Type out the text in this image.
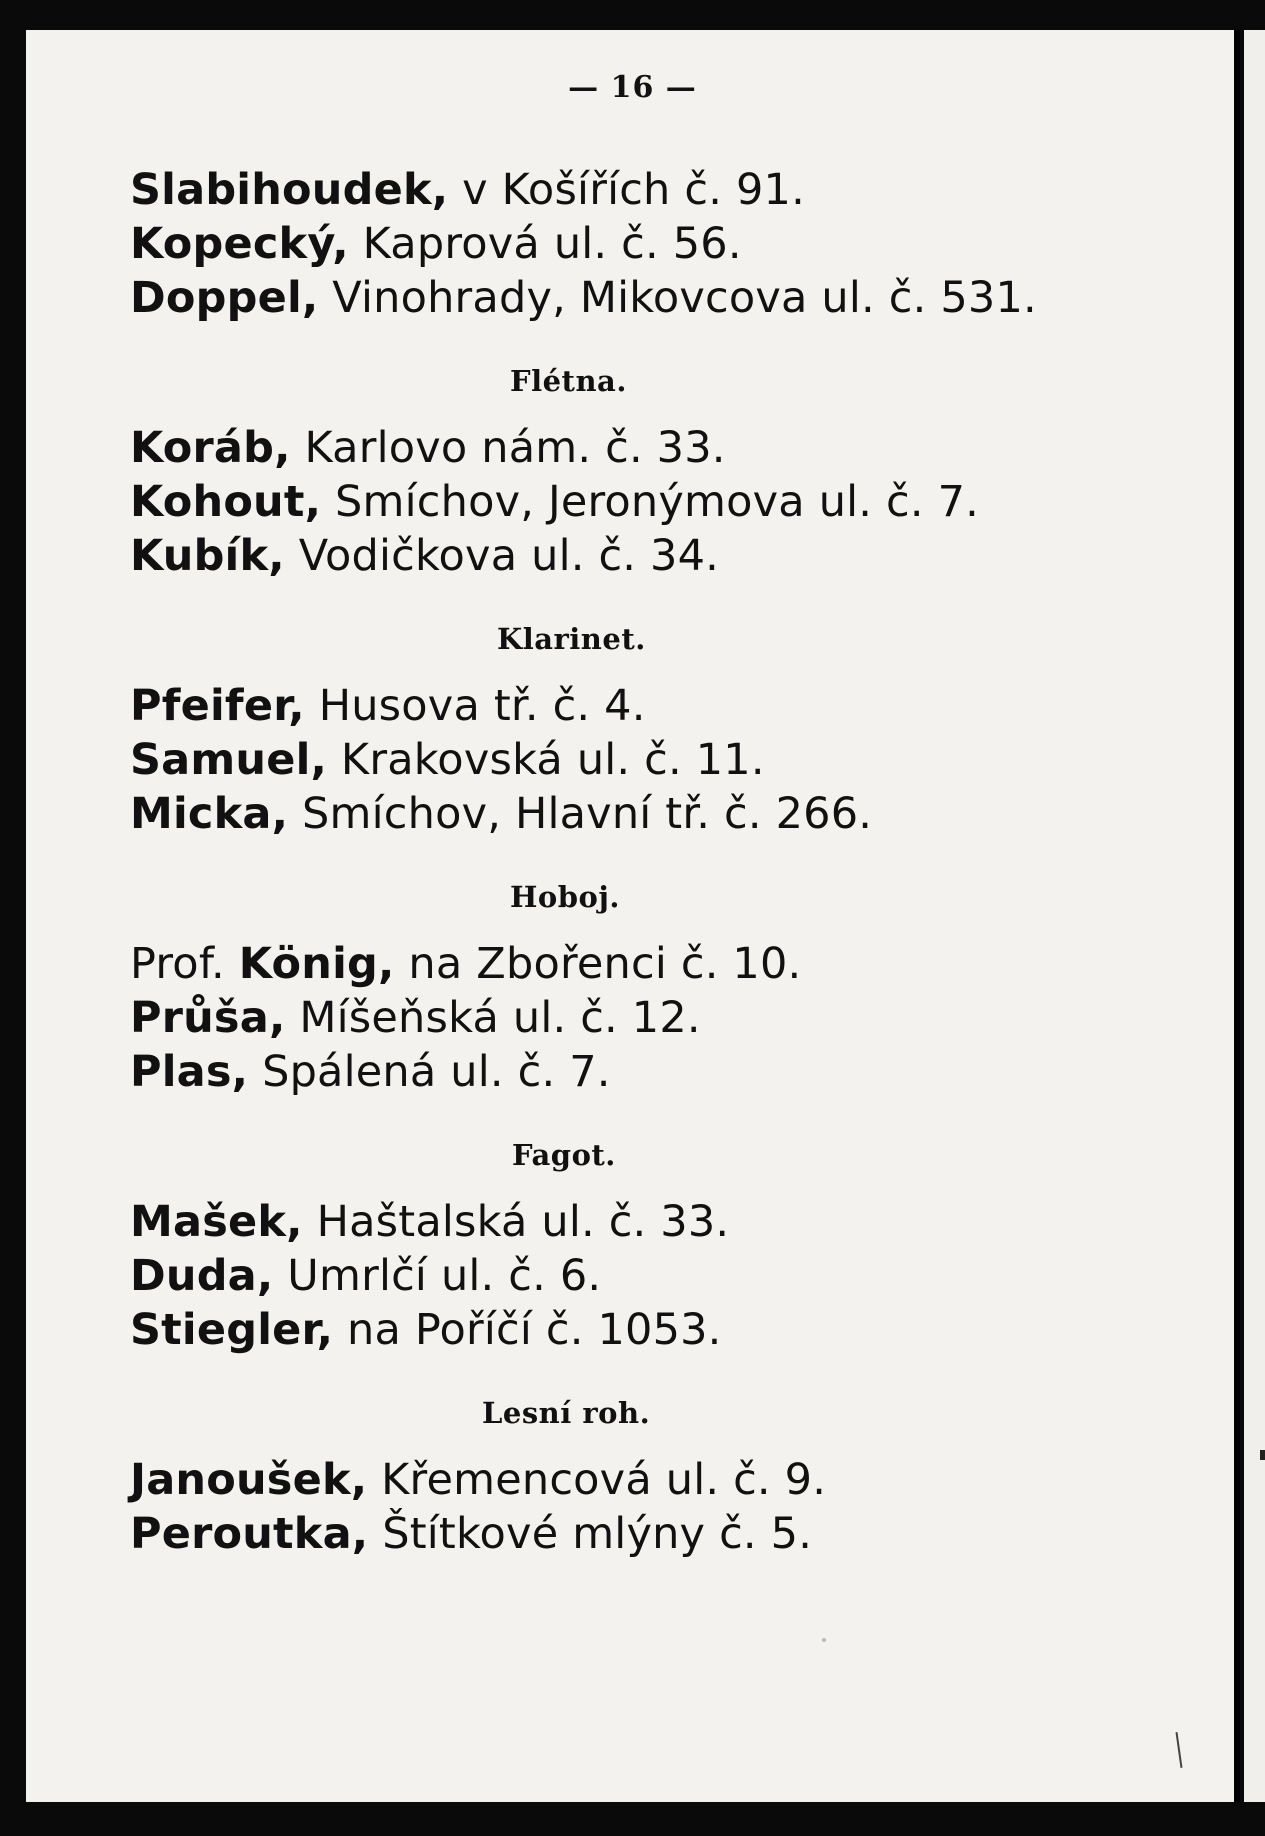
— 16 —
Slabihoudek, v Košířích č. 91.
Kopecký, Kaprová ul. č. 56.
Doppel, Vinohrady, Mikovcova ul. č. 531.
Flétna.
Koráb, Karlovo nám. č. 33.
Kohout, Smíchov, Jeronýmova ul. č. 7.
Kubík, Vodičkova ul. č. 34.
Klarinet.
Pfeifer, Husova tř. č. 4.
Samuel, Krakovská ul. č. 11.
Micka, Smíchov, Hlavní tř. č. 266.
Hoboj.
Prof. König, na Zbořenci č. 10.
Průša, Míšeňská ul. č. 12.
Plas, Spálená ul. č. 7.
Fagot.
Mašek, Haštalská ul. č. 33.
Duda, Umrlčí ul. č. 6.
Stiegler, na Poříčí č. 1053.
Lesní roh.
Janoušek, Křemencová ul. č. 9.
Peroutka, Štítkové mlýny č. 5.
